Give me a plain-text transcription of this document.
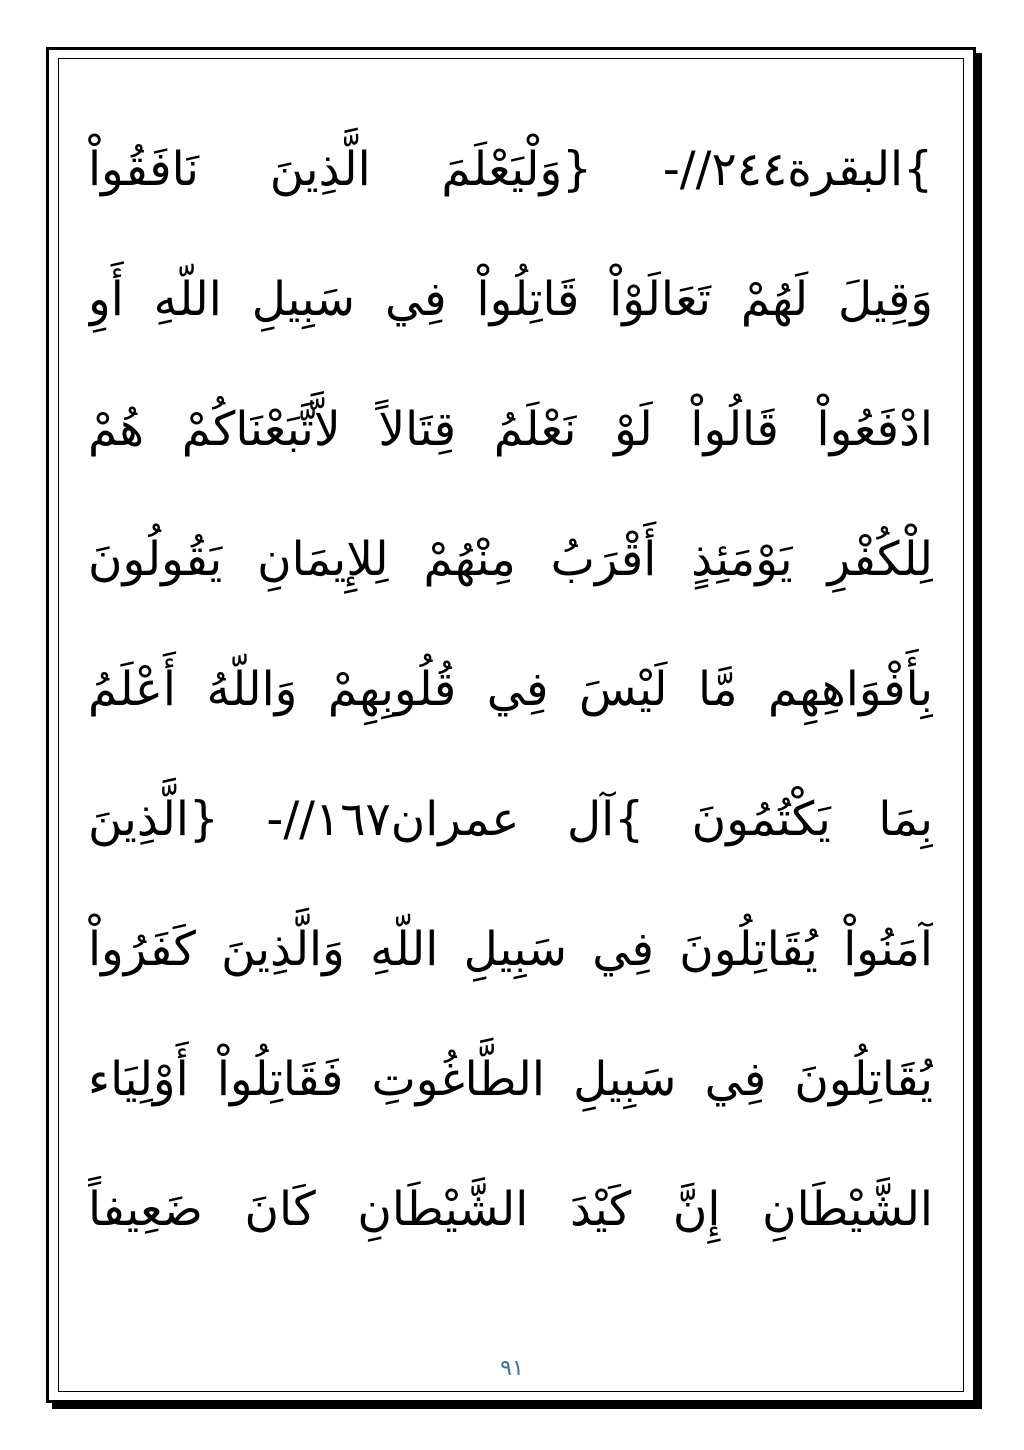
}البقرة٢٤٤//- {وَلْيَعْلَمَ الَّذِينَ نَافَقُواْ
وَقِيلَ لَهُمْ تَعَالَوْاْ قَاتِلُواْ فِي سَبِيلِ اللّهِ أَوِ
ادْفَعُواْ قَالُواْ لَوْ نَعْلَمُ قِتَالاً لاَّتَّبَعْنَاكُمْ هُمْ
لِلْكُفْرِ يَوْمَئِذٍ أَقْرَبُ مِنْهُمْ لِلإِيمَانِ يَقُولُونَ
بِأَفْوَاهِهِم مَّا لَيْسَ فِي قُلُوبِهِمْ وَاللّهُ أَعْلَمُ
بِمَا يَكْتُمُونَ }آل عمران١٦٧//- {الَّذِينَ
آمَنُواْ يُقَاتِلُونَ فِي سَبِيلِ اللّهِ وَالَّذِينَ كَفَرُواْ
يُقَاتِلُونَ فِي سَبِيلِ الطَّاغُوتِ فَقَاتِلُواْ أَوْلِيَاء
الشَّيْطَانِ إِنَّ كَيْدَ الشَّيْطَانِ كَانَ ضَعِيفاً
٩١
